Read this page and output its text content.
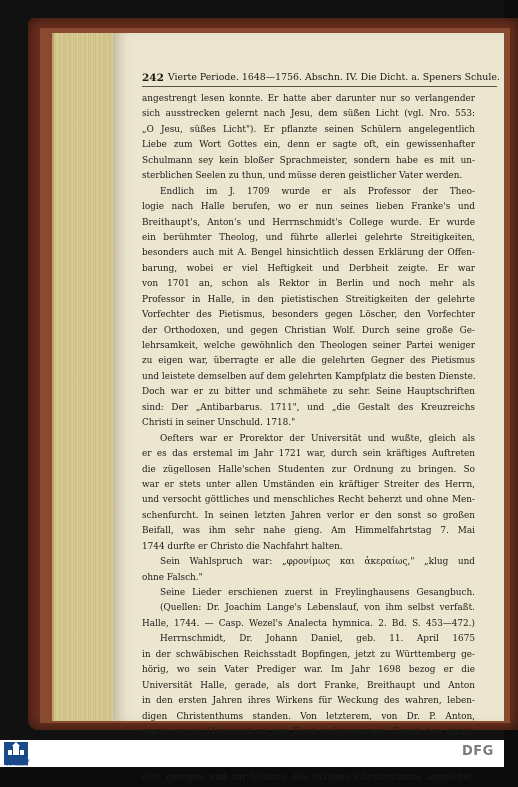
242 Vierte Periode. 1648—1756. Abschn. IV. Die Dicht. a. Speners Schule.
angestrengt lesen konnte. Er hatte aber darunter nur so verlangender
sich ausstrecken gelernt nach Jesu, dem süßen Licht (vgl. Nro. 553:
„O Jesu, süßes Licht"). Er pflanzte seinen Schülern angelegentlich
Liebe zum Wort Gottes ein, denn er sagte oft, ein gewissenhafter
Schulmann sey kein bloßer Sprachmeister, sondern habe es mit un-
sterblichen Seelen zu thun, und müsse deren geistlicher Vater werden.
Endlich im J. 1709 wurde er als Professor der Theo-
logie nach Halle berufen, wo er nun seines lieben Franke's und
Breithaupt's, Anton's und Herrnschmidt's College wurde. Er wurde
ein berühmter Theolog, und führte allerlei gelehrte Streitigkeiten,
besonders auch mit A. Bengel hinsichtlich dessen Erklärung der Offen-
barung, wobei er viel Heftigkeit und Derbheit zeigte. Er war
von 1701 an, schon als Rektor in Berlin und noch mehr als
Professor in Halle, in den pietistischen Streitigkeiten der gelehrte
Vorfechter des Pietismus, besonders gegen Löscher, den Vorfechter
der Orthodoxen, und gegen Christian Wolf. Durch seine große Ge-
lehrsamkeit, welche gewöhnlich den Theologen seiner Partei weniger
zu eigen war, überragte er alle die gelehrten Gegner des Pietismus
und leistete demselben auf dem gelehrten Kampfplatz die besten Dienste.
Doch war er zu bitter und schmähete zu sehr. Seine Hauptschriften
sind: Der „Antibarbarus. 1711", und „die Gestalt des Kreuzreichs
Christi in seiner Unschuld. 1718."
Oefters war er Prorektor der Universität und wußte, gleich als
er es das erstemal im Jahr 1721 war, durch sein kräftiges Auftreten
die zügellosen Halle'schen Studenten zur Ordnung zu bringen. So
war er stets unter allen Umständen ein kräftiger Streiter des Herrn,
und versocht göttliches und menschliches Recht beherzt und ohne Men-
schenfurcht. In seinen letzten Jahren verlor er den sonst so großen
Beifall, was ihm sehr nahe gieng. Am Himmelfahrtstag 7. Mai
1744 durfte er Christo die Nachfahrt halten.
Sein Wahlspruch war: „φρονίμως και ἀκεραίως," „klug und
ohne Falsch."
Seine Lieder erschienen zuerst in Freylinghausens Gesangbuch.
(Quellen: Dr. Joachim Lange's Lebenslauf, von ihm selbst verfaßt.
Halle, 1744. — Casp. Wezel's Analecta hymnica. 2. Bd. S. 453—472.)
Herrnschmidt, Dr. Johann Daniel, geb. 11. April 1675
in der schwäbischen Reichsstadt Bopfingen, jetzt zu Württemberg ge-
hörig, wo sein Vater Prediger war. Im Jahr 1698 bezog er die
Universität Halle, gerade, als dort Franke, Breithaupt und Anton
in den ersten Jahren ihres Wirkens für Weckung des wahren, leben-
digen Christenthums standen. Von letzterem, von Dr. P. Anton,
wurde er ins Haus und an den Tisch aufgenommen. Durch den christ-
Gott gezogen und zur Uebung des thätigen Christenthums angeleitet.
FRANCKESCHE STIFTUNGEN
DFG
